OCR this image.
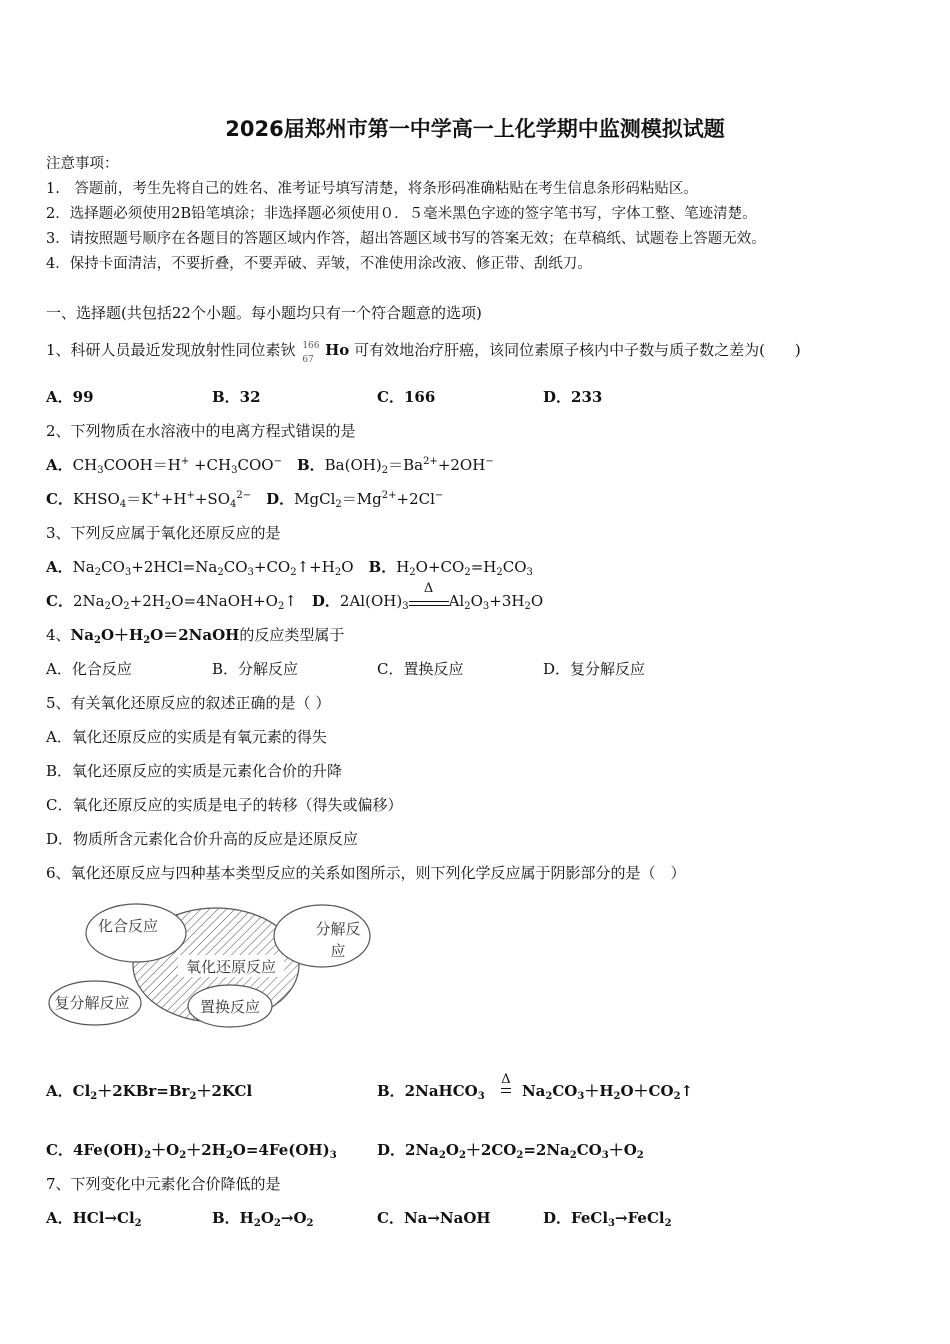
2026届郑州市第一中学高一上化学期中监测模拟试题
注意事项：
1.　答题前，考生先将自己的姓名、准考证号填写清楚，将条形码准确粘贴在考生信息条形码粘贴区。
2．选择题必须使用2B铅笔填涂；非选择题必须使用０．５毫米黑色字迹的签字笔书写，字体工整、笔迹清楚。
3．请按照题号顺序在各题目的答题区域内作答，超出答题区域书写的答案无效；在草稿纸、试题卷上答题无效。
4．保持卡面清洁，不要折叠，不要弄破、弄皱，不准使用涂改液、修正带、刮纸刀。
一、选择题(共包括22个小题。每小题均只有一个符合题意的选项)
1、科研人员最近发现放射性同位素钬 166
67
Ho 可有效地治疗肝癌，该同位素原子核内中子数与质子数之差为(　　)
A．99	B．32	C．166	D．233
2、下列物质在水溶液中的电离方程式错误的是
A．$CH_3COOH=H^+ +CH_3COO^-$　 B．$Ba(OH)_2=Ba^{2+}+2OH^-$
C．$KHSO_4=K^++H^++SO_4^{2-}$　 D．$MgCl_2=Mg^{2+}+2Cl^-$
3、下列反应属于氧化还原反应的是
A．$Na_2CO_3+2HCl=Na_2CO_3+CO_2↑+H_2O$　B．$H_2O+CO_2=H_2CO_3$
C．$2Na_2O_2+2H_2O=4NaOH+O_2↑$　D．$2Al(OH)_3$
Δ
$Al_2O_3+3H_2O$
4、$Na_2O+H_2O=2NaOH$的反应类型属于
A．化合反应	B．分解反应	C．置换反应	D．复分解反应
5、有关氧化还原反应的叙述正确的是（ ）
A．氧化还原反应的实质是有氧元素的得失
B．氧化还原反应的实质是元素化合价的升降
C．氧化还原反应的实质是电子的转移（得失或偏移）
D．物质所含元素化合价升高的反应是还原反应
6、氧化还原反应与四种基本类型反应的关系如图所示，则下列化学反应属于阴影部分的是（　）
化合反应	分解反
应
氧化还原反应
复分解反应	置换反应
A．$Cl_2+2KBr=Br_2+2KCl$	B．2NaHCO$_3$
Δ
$Na_2CO_3+H_2O+CO_2↑$
C．$4Fe(OH)_2+O_2+2H_2O=4Fe(OH)_3$	D．$2Na_2O_2+2CO_2=2Na_2CO_3+O_2$
7、下列变化中元素化合价降低的是
A．$HCl\to Cl_2$	B．$H_2O_2\to O_2$	C．Na→NaOH	D．FeCl$_3$→FeCl$_2$
